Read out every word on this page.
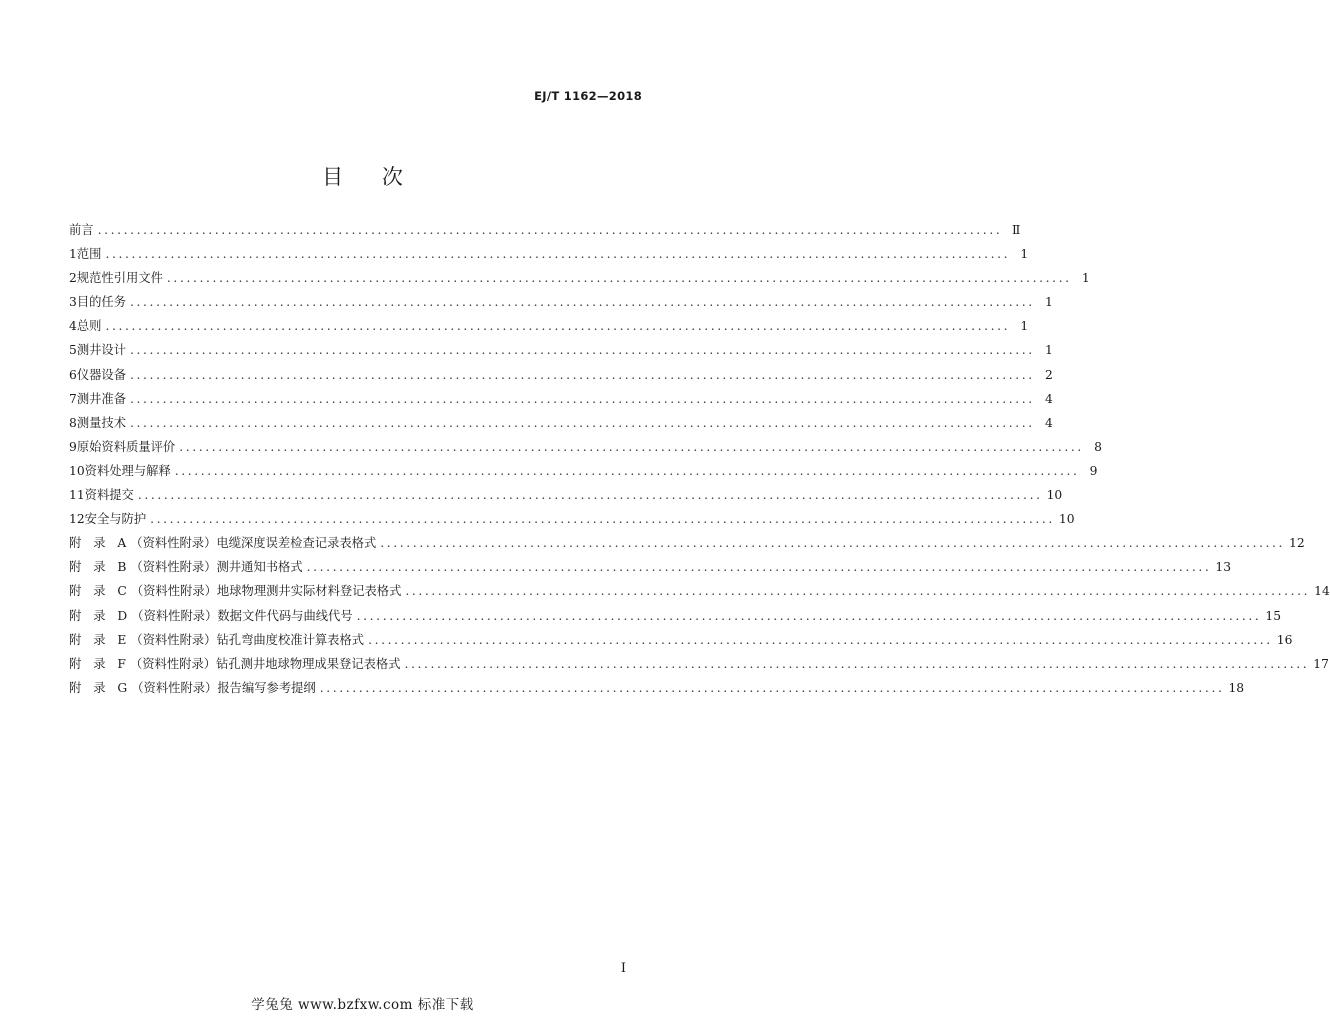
EJ/T 1162—2018
目 次
前言 ........................................................................................................................................... Ⅱ
1 范围 ........................................................................................................................................... 1
2 规范性引用文件 ........................................................................................................................................... 1
3 目的任务 ........................................................................................................................................... 1
4 总则 ........................................................................................................................................... 1
5 测井设计 ........................................................................................................................................... 1
6 仪器设备 ........................................................................................................................................... 2
7 测井准备 ........................................................................................................................................... 4
8 测量技术 ........................................................................................................................................... 4
9 原始资料质量评价 ........................................................................................................................................... 8
10 资料处理与解释 ........................................................................................................................................... 9
11 资料提交 ........................................................................................................................................... 10
12 安全与防护 ........................................................................................................................................... 10
附 录 A （资料性附录） 电缆深度误差检查记录表格式 ........................................................................................................................................... 12
附 录 B （资料性附录） 测井通知书格式 ........................................................................................................................................... 13
附 录 C （资料性附录） 地球物理测井实际材料登记表格式 ........................................................................................................................................... 14
附 录 D （资料性附录） 数据文件代码与曲线代号 ........................................................................................................................................... 15
附 录 E （资料性附录） 钻孔弯曲度校准计算表格式 ........................................................................................................................................... 16
附 录 F （资料性附录） 钻孔测井地球物理成果登记表格式 ........................................................................................................................................... 17
附 录 G （资料性附录） 报告编写参考提纲 ........................................................................................................................................... 18
I
学兔兔 www.bzfxw.com 标准下载
